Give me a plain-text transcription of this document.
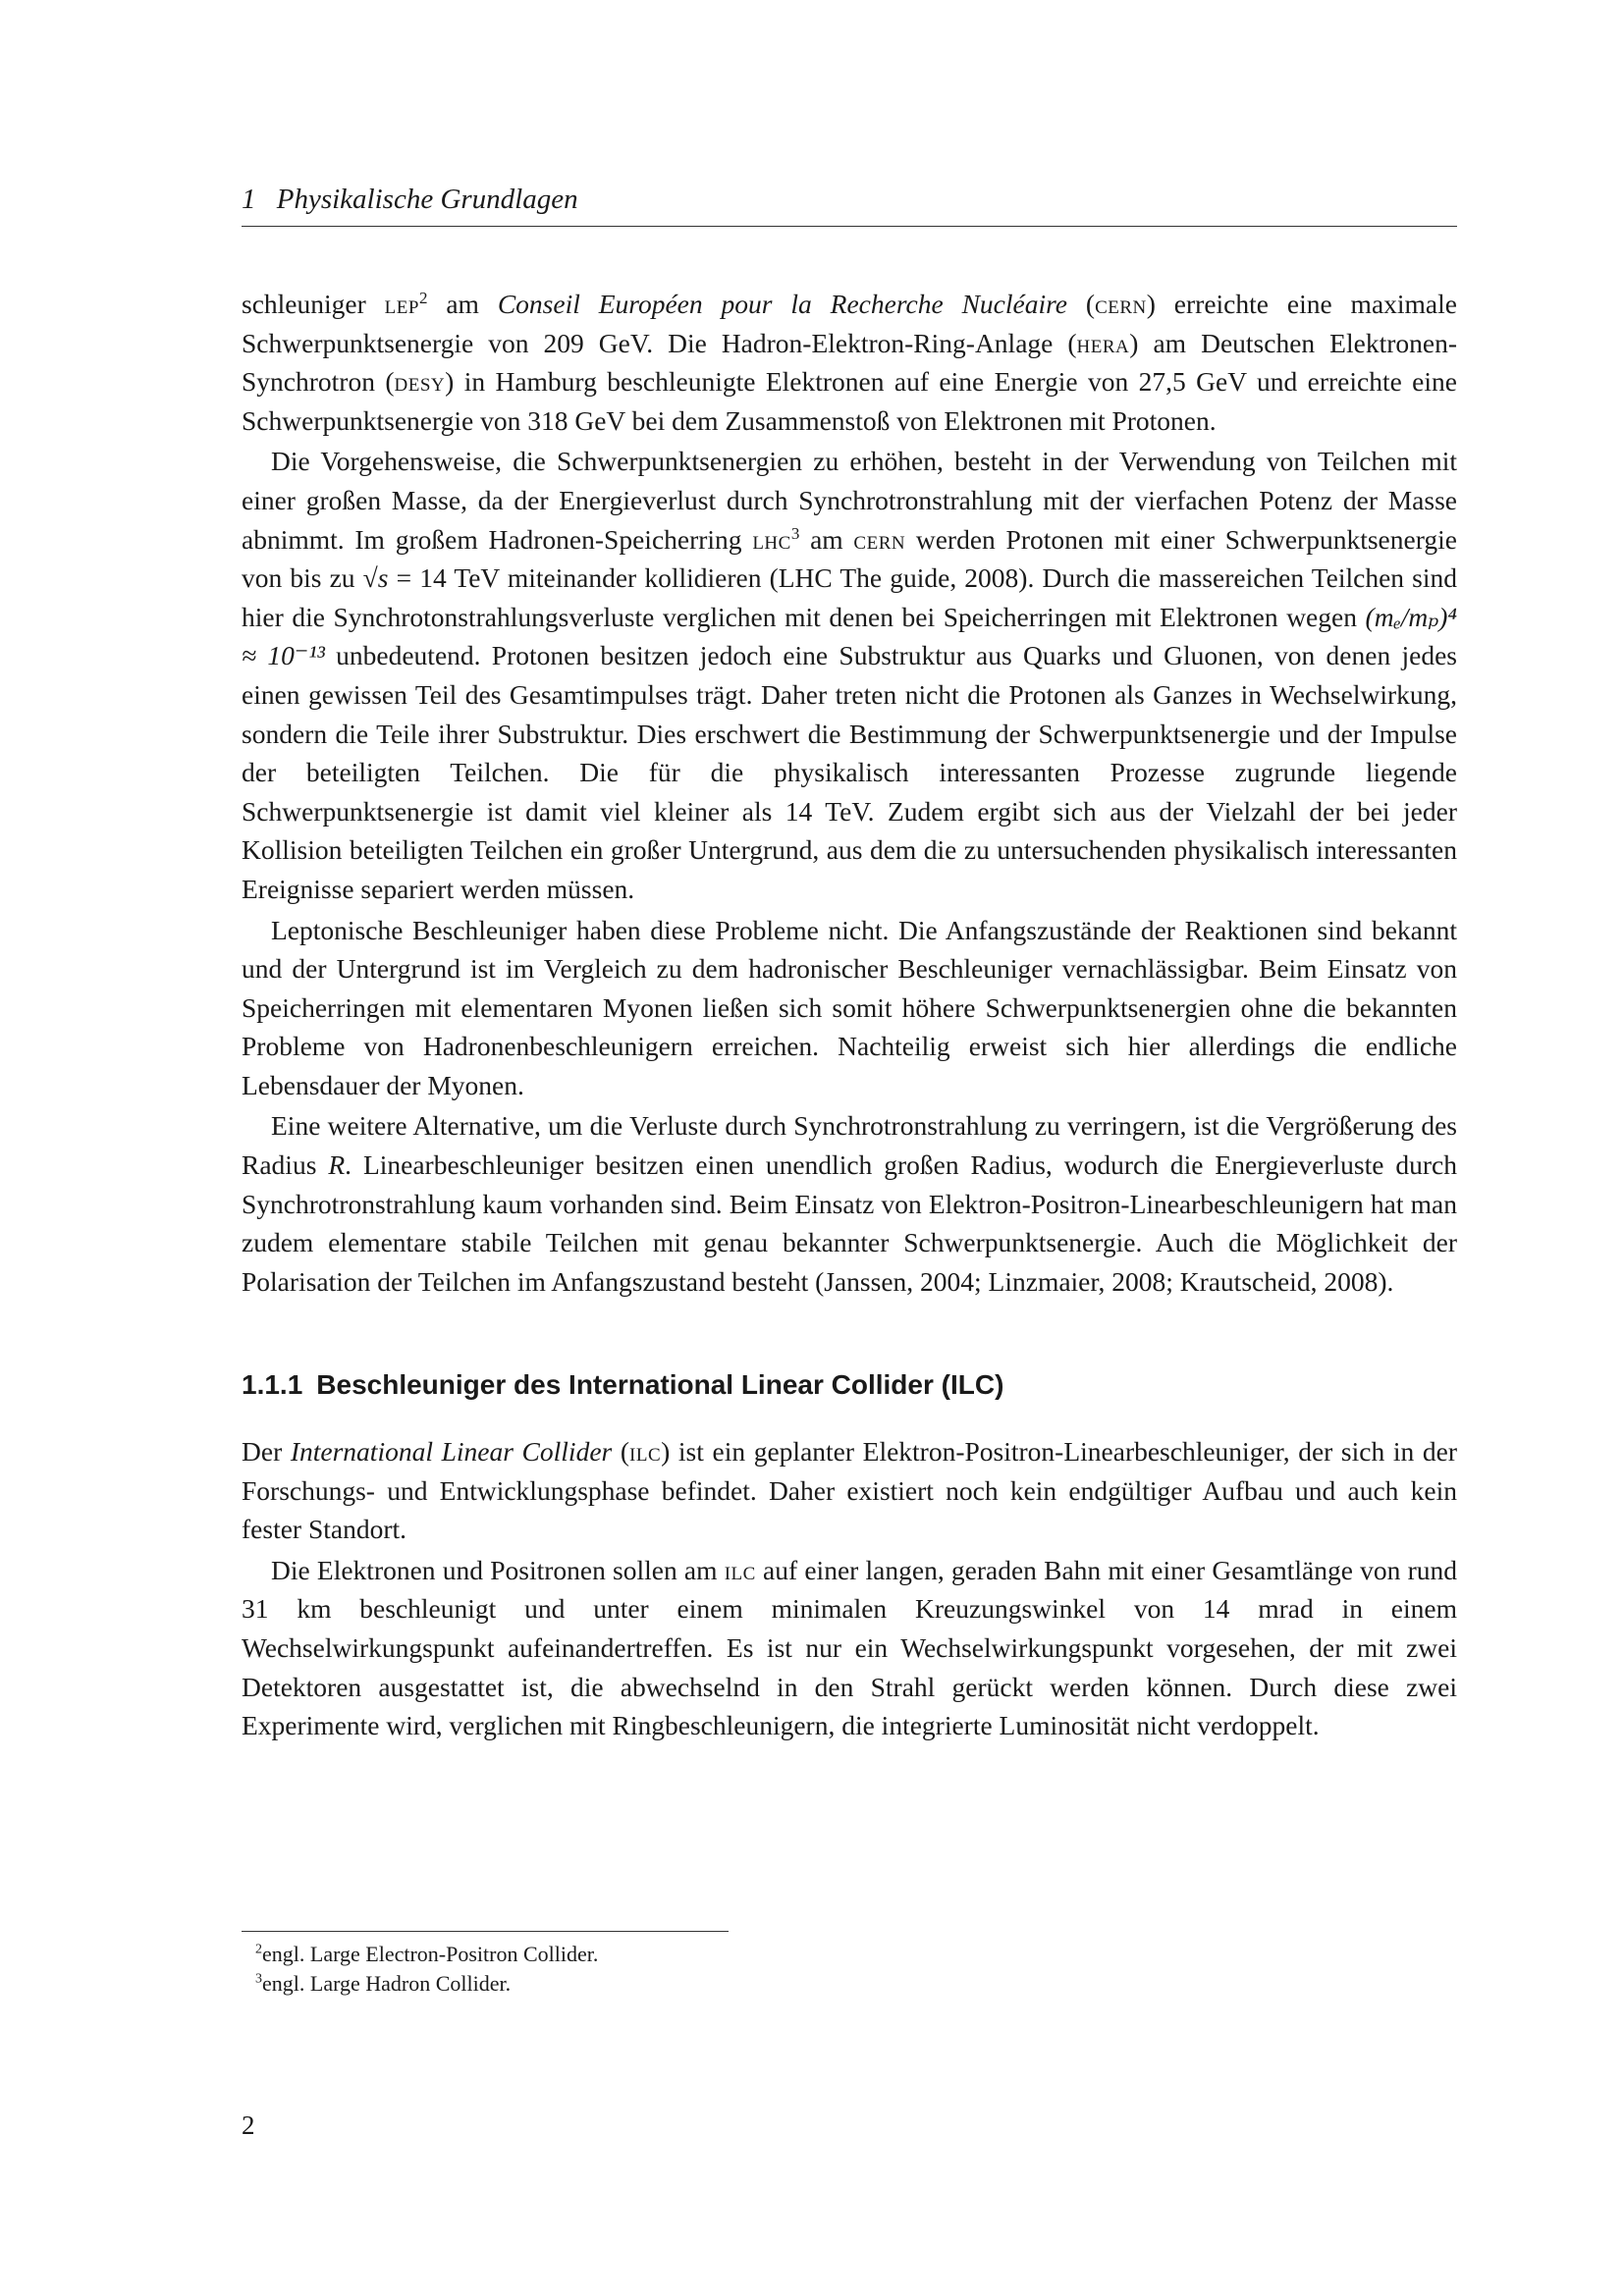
1 Physikalische Grundlagen

schleuniger lep$^2$ am Conseil Européen pour la Recherche Nucléaire (cern) erreichte eine maximale Schwerpunktsenergie von 209 GeV. Die Hadron-Elektron-Ring-Anlage (hera) am Deutschen Elektronen-Synchrotron (desy) in Hamburg beschleunigte Elektronen auf eine Energie von 27,5 GeV und erreichte eine Schwerpunktsenergie von 318 GeV bei dem Zusammenstoß von Elektronen mit Protonen.

Die Vorgehensweise, die Schwerpunktsenergien zu erhöhen, besteht in der Verwendung von Teilchen mit einer großen Masse, da der Energieverlust durch Synchrotronstrahlung mit der vierfachen Potenz der Masse abnimmt. Im großem Hadronen-Speicherring lhc$^3$ am cern werden Protonen mit einer Schwerpunktsenergie von bis zu √s = 14 TeV miteinander kollidieren (LHC The guide, 2008). Durch die massereichen Teilchen sind hier die Synchrotonstrahlungsverluste verglichen mit denen bei Speicherringen mit Elektronen wegen (mₑ/mₚ)⁴ ≈ 10⁻¹³ unbedeutend. Protonen besitzen jedoch eine Substruktur aus Quarks und Gluonen, von denen jedes einen gewissen Teil des Gesamtimpulses trägt. Daher treten nicht die Protonen als Ganzes in Wechselwirkung, sondern die Teile ihrer Substruktur. Dies erschwert die Bestimmung der Schwerpunktsenergie und der Impulse der beteiligten Teilchen. Die für die physikalisch interessanten Prozesse zugrunde liegende Schwerpunktsenergie ist damit viel kleiner als 14 TeV. Zudem ergibt sich aus der Vielzahl der bei jeder Kollision beteiligten Teilchen ein großer Untergrund, aus dem die zu untersuchenden physikalisch interessanten Ereignisse separiert werden müssen.

Leptonische Beschleuniger haben diese Probleme nicht. Die Anfangszustände der Reaktionen sind bekannt und der Untergrund ist im Vergleich zu dem hadronischer Beschleuniger vernachlässigbar. Beim Einsatz von Speicherringen mit elementaren Myonen ließen sich somit höhere Schwerpunktsenergien ohne die bekannten Probleme von Hadronenbeschleunigern erreichen. Nachteilig erweist sich hier allerdings die endliche Lebensdauer der Myonen.

Eine weitere Alternative, um die Verluste durch Synchrotronstrahlung zu verringern, ist die Vergrößerung des Radius R. Linearbeschleuniger besitzen einen unendlich großen Radius, wodurch die Energieverluste durch Synchrotronstrahlung kaum vorhanden sind. Beim Einsatz von Elektron-Positron-Linearbeschleunigern hat man zudem elementare stabile Teilchen mit genau bekannter Schwerpunktsenergie. Auch die Möglichkeit der Polarisation der Teilchen im Anfangszustand besteht (Janssen, 2004; Linzmaier, 2008; Krautscheid, 2008).

1.1.1 Beschleuniger des International Linear Collider (ILC)

Der International Linear Collider (ilc) ist ein geplanter Elektron-Positron-Linearbeschleuniger, der sich in der Forschungs- und Entwicklungsphase befindet. Daher existiert noch kein endgültiger Aufbau und auch kein fester Standort.

Die Elektronen und Positronen sollen am ilc auf einer langen, geraden Bahn mit einer Gesamtlänge von rund 31 km beschleunigt und unter einem minimalen Kreuzungswinkel von 14 mrad in einem Wechselwirkungspunkt aufeinandertreffen. Es ist nur ein Wechselwirkungspunkt vorgesehen, der mit zwei Detektoren ausgestattet ist, die abwechselnd in den Strahl gerückt werden können. Durch diese zwei Experimente wird, verglichen mit Ringbeschleunigern, die integrierte Luminosität nicht verdoppelt.

$^2$engl. Large Electron-Positron Collider.
$^3$engl. Large Hadron Collider.
2
